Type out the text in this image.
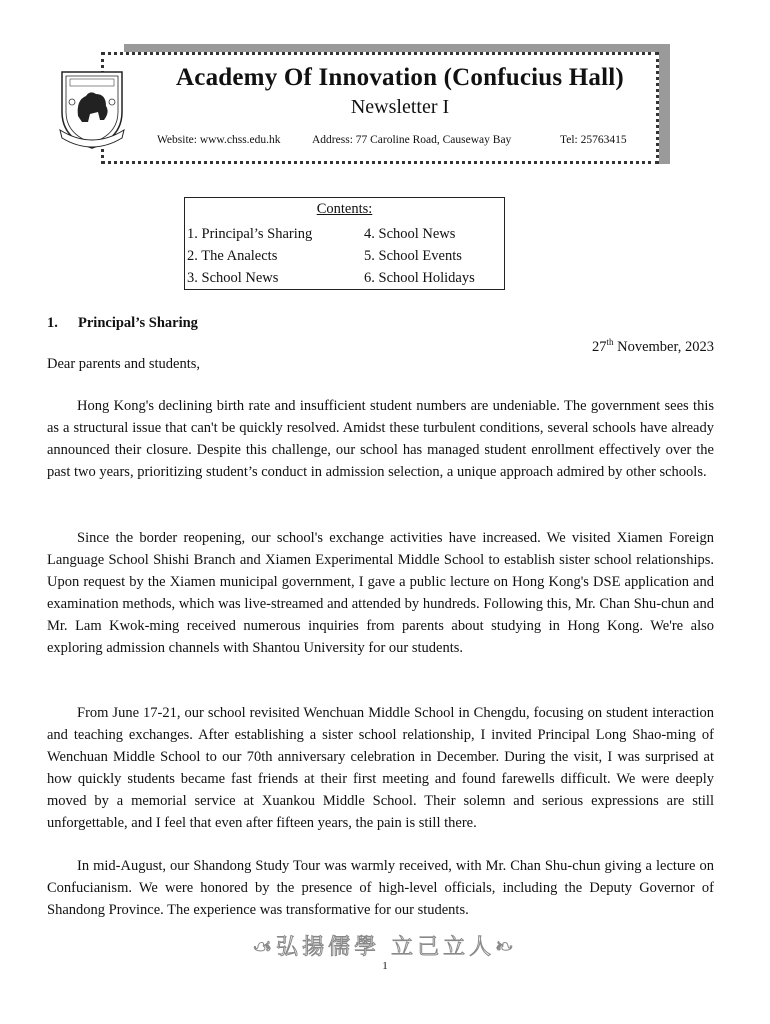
Academy Of Innovation (Confucius Hall)
Newsletter I
Website: www.chss.edu.hk	Address: 77 Caroline Road, Causeway Bay	Tel: 25763415
Contents:
1. Principal’s Sharing
2. The Analects
3. School News
4. School News
5. School Events
6. School Holidays
1. Principal’s Sharing
27th November, 2023
Dear parents and students,

Hong Kong's declining birth rate and insufficient student numbers are undeniable. The government sees this as a structural issue that can't be quickly resolved. Amidst these turbulent conditions, several schools have already announced their closure. Despite this challenge, our school has managed student enrollment effectively over the past two years, prioritizing student’s conduct in admission selection, a unique approach admired by other schools.

Since the border reopening, our school's exchange activities have increased. We visited Xiamen Foreign Language School Shishi Branch and Xiamen Experimental Middle School to establish sister school relationships. Upon request by the Xiamen municipal government, I gave a public lecture on Hong Kong's DSE application and examination methods, which was live-streamed and attended by hundreds. Following this, Mr. Chan Shu-chun and Mr. Lam Kwok-ming received numerous inquiries from parents about studying in Hong Kong. We're also exploring admission channels with Shantou University for our students.

From June 17-21, our school revisited Wenchuan Middle School in Chengdu, focusing on student interaction and teaching exchanges. After establishing a sister school relationship, I invited Principal Long Shao-ming of Wenchuan Middle School to our 70th anniversary celebration in December. During the visit, I was surprised at how quickly students became fast friends at their first meeting and found farewells difficult. We were deeply moved by a memorial service at Xuankou Middle School. Their solemn and serious expressions are still unforgettable, and I feel that even after fifteen years, the pain is still there.

In mid-August, our Shandong Study Tour was warmly received, with Mr. Chan Shu-chun giving a lecture on Confucianism. We were honored by the presence of high-level officials, including the Deputy Governor of Shandong Province. The experience was transformative for our students.

☙弘揚儒學 立己立人❧
1
